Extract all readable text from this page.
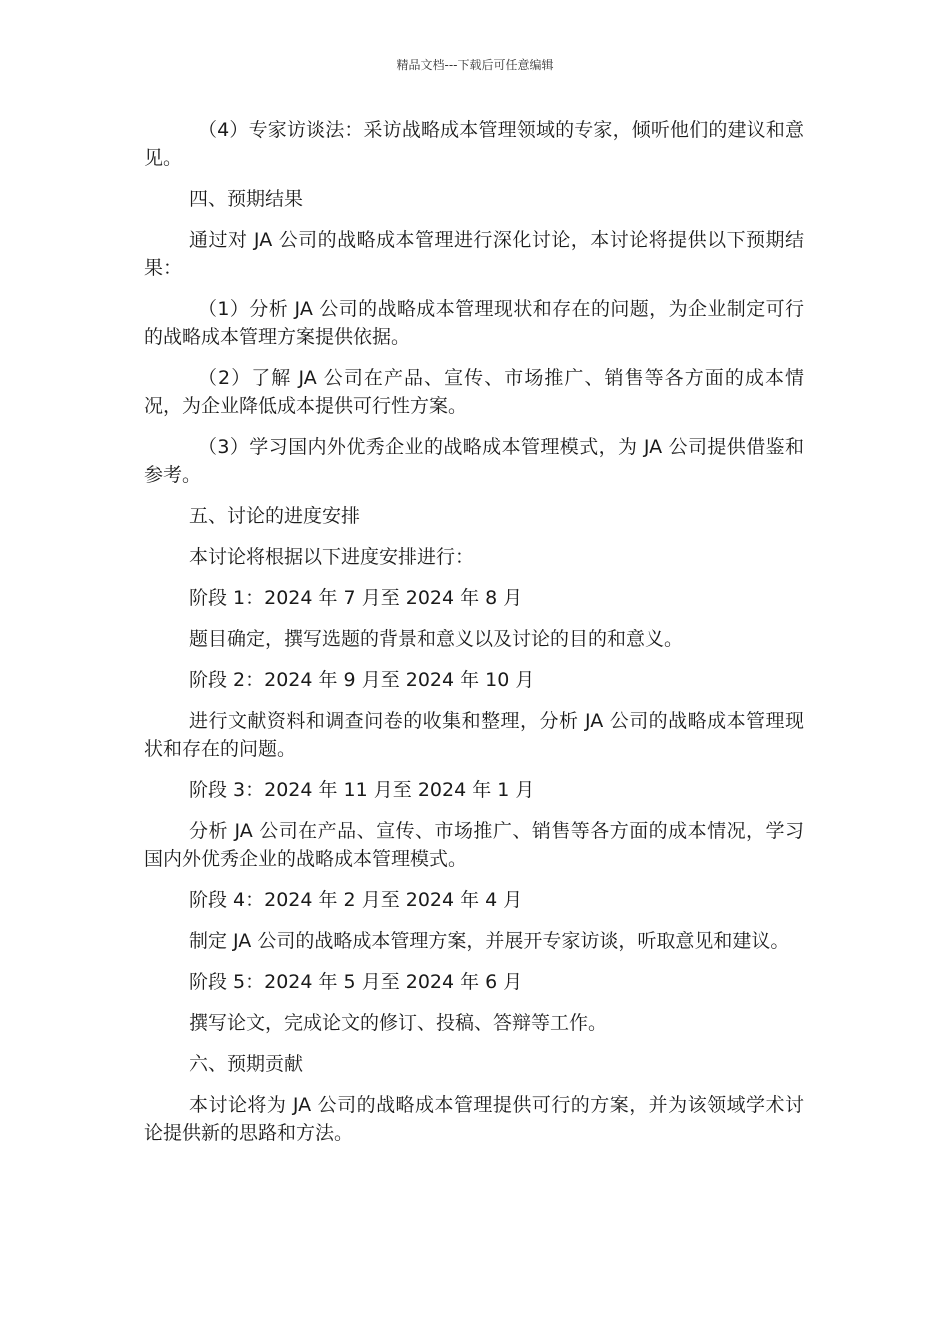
精品文档---下载后可任意编辑

（4）专家访谈法：采访战略成本管理领域的专家，倾听他们的建议和意见。

四、预期结果

通过对 JA 公司的战略成本管理进行深化讨论，本讨论将提供以下预期结果：

（1）分析 JA 公司的战略成本管理现状和存在的问题，为企业制定可行的战略成本管理方案提供依据。

（2）了解 JA 公司在产品、宣传、市场推广、销售等各方面的成本情况，为企业降低成本提供可行性方案。

（3）学习国内外优秀企业的战略成本管理模式，为 JA 公司提供借鉴和参考。

五、讨论的进度安排

本讨论将根据以下进度安排进行：

阶段 1：2024 年 7 月至 2024 年 8 月

题目确定，撰写选题的背景和意义以及讨论的目的和意义。

阶段 2：2024 年 9 月至 2024 年 10 月

进行文献资料和调查问卷的收集和整理，分析 JA 公司的战略成本管理现状和存在的问题。

阶段 3：2024 年 11 月至 2024 年 1 月

分析 JA 公司在产品、宣传、市场推广、销售等各方面的成本情况，学习国内外优秀企业的战略成本管理模式。

阶段 4：2024 年 2 月至 2024 年 4 月

制定 JA 公司的战略成本管理方案，并展开专家访谈，听取意见和建议。

阶段 5：2024 年 5 月至 2024 年 6 月

撰写论文，完成论文的修订、投稿、答辩等工作。

六、预期贡献

本讨论将为 JA 公司的战略成本管理提供可行的方案，并为该领域学术讨论提供新的思路和方法。
